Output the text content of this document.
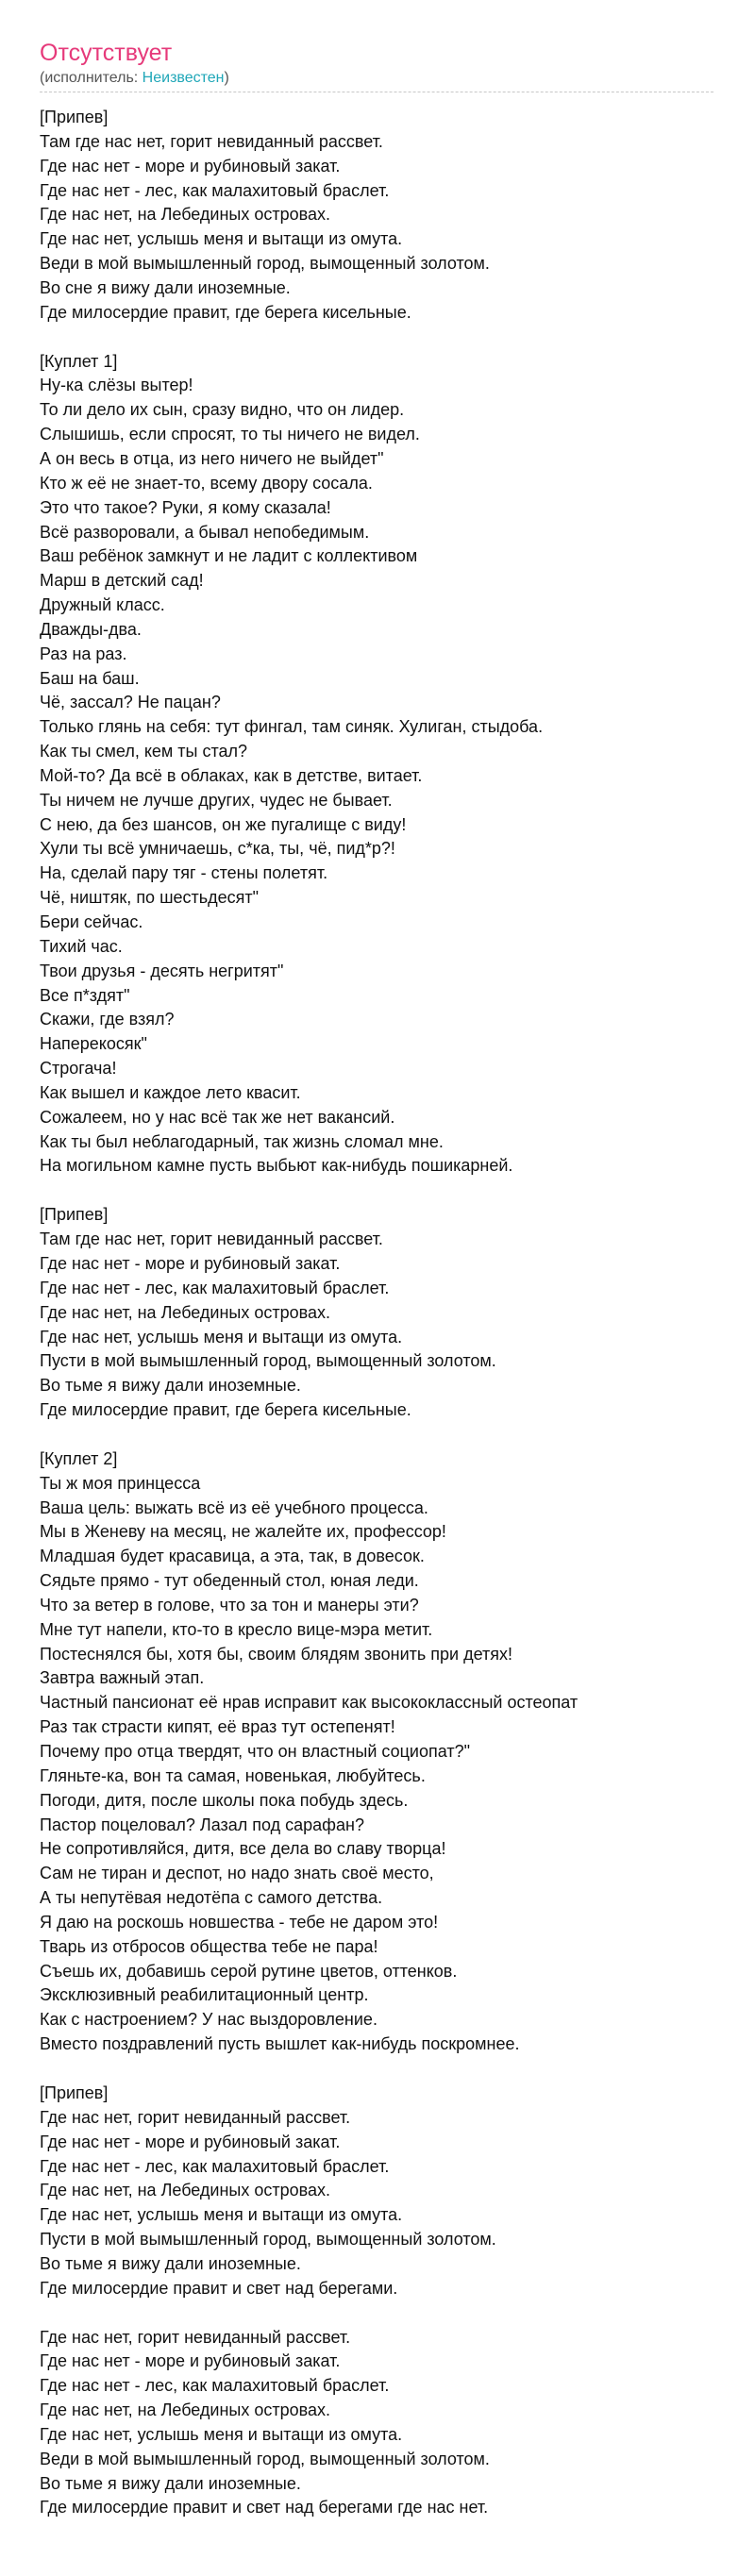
Отсутствует
(исполнитель: Неизвестен)
[Припев]
Там где нас нет, горит невиданный рассвет.
Где нас нет - море и рубиновый закат.
Где нас нет - лес, как малахитовый браслет.
Где нас нет, на Лебединых островах.
Где нас нет, услышь меня и вытащи из омута.
Веди в мой вымышленный город, вымощенный золотом.
Во сне я вижу дали иноземные.
Где милосердие правит, где берега кисельные.
[Куплет 1]
Ну-ка слёзы вытер!
То ли дело их сын, сразу видно, что он лидер.
Слышишь, если спросят, то ты ничего не видел.
А он весь в отца, из него ничего не выйдет"
Кто ж её не знает-то, всему двору сосала.
Это что такое? Руки, я кому сказала!
Всё разворовали, а бывал непобедимым.
Ваш ребёнок замкнут и не ладит с коллективом
Марш в детский сад!
Дружный класс.
Дважды-два.
Раз на раз.
Баш на баш.
Чё, зассал? Не пацан?
Только глянь на себя: тут фингал, там синяк. Хулиган, стыдоба.
Как ты смел, кем ты стал?
Мой-то? Да всё в облаках, как в детстве, витает.
Ты ничем не лучше других, чудес не бывает.
С нею, да без шансов, он же пугалище с виду!
Хули ты всё умничаешь, с*ка, ты, чё, пид*р?!
На, сделай пару тяг - стены полетят.
Чё, ништяк, по шестьдесят"
Бери сейчас.
Тихий час.
Твои друзья - десять негритят"
Все п*здят"
Скажи, где взял?
Наперекосяк"
Строгача!
Как вышел и каждое лето квасит.
Сожалеем, но у нас всё так же нет вакансий.
Как ты был неблагодарный, так жизнь сломал мне.
На могильном камне пусть выбьют как-нибудь пошикарней.
[Припев]
Там где нас нет, горит невиданный рассвет.
Где нас нет - море и рубиновый закат.
Где нас нет - лес, как малахитовый браслет.
Где нас нет, на Лебединых островах.
Где нас нет, услышь меня и вытащи из омута.
Пусти в мой вымышленный город, вымощенный золотом.
Во тьме я вижу дали иноземные.
Где милосердие правит, где берега кисельные.
[Куплет 2]
Ты ж моя принцесса
Ваша цель: выжать всё из её учебного процесса.
Мы в Женеву на месяц, не жалейте их, профессор!
Младшая будет красавица, а эта, так, в довесок.
Сядьте прямо - тут обеденный стол, юная леди.
Что за ветер в голове, что за тон и манеры эти?
Мне тут напели, кто-то в кресло вице-мэра метит.
Постеснялся бы, хотя бы, своим блядям звонить при детях!
Завтра важный этап.
Частный пансионат её нрав исправит как высококлассный остеопат
Раз так страсти кипят, её враз тут остепенят!
Почему про отца твердят, что он властный социопат?"
Гляньте-ка, вон та самая, новенькая, любуйтесь.
Погоди, дитя, после школы пока побудь здесь.
Пастор поцеловал? Лазал под сарафан?
Не сопротивляйся, дитя, все дела во славу творца!
Сам не тиран и деспот, но надо знать своё место,
А ты непутёвая недотёпа с самого детства.
Я даю на роскошь новшества - тебе не даром это!
Тварь из отбросов общества тебе не пара!
Съешь их, добавишь серой рутине цветов, оттенков.
Эксклюзивный реабилитационный центр.
Как с настроением? У нас выздоровление.
Вместо поздравлений пусть вышлет как-нибудь поскромнее.
[Припев]
Где нас нет, горит невиданный рассвет.
Где нас нет - море и рубиновый закат.
Где нас нет - лес, как малахитовый браслет.
Где нас нет, на Лебединых островах.
Где нас нет, услышь меня и вытащи из омута.
Пусти в мой вымышленный город, вымощенный золотом.
Во тьме я вижу дали иноземные.
Где милосердие правит и свет над берегами.
Где нас нет, горит невиданный рассвет.
Где нас нет - море и рубиновый закат.
Где нас нет - лес, как малахитовый браслет.
Где нас нет, на Лебединых островах.
Где нас нет, услышь меня и вытащи из омута.
Веди в мой вымышленный город, вымощенный золотом.
Во тьме я вижу дали иноземные.
Где милосердие правит и свет над берегами где нас нет.
